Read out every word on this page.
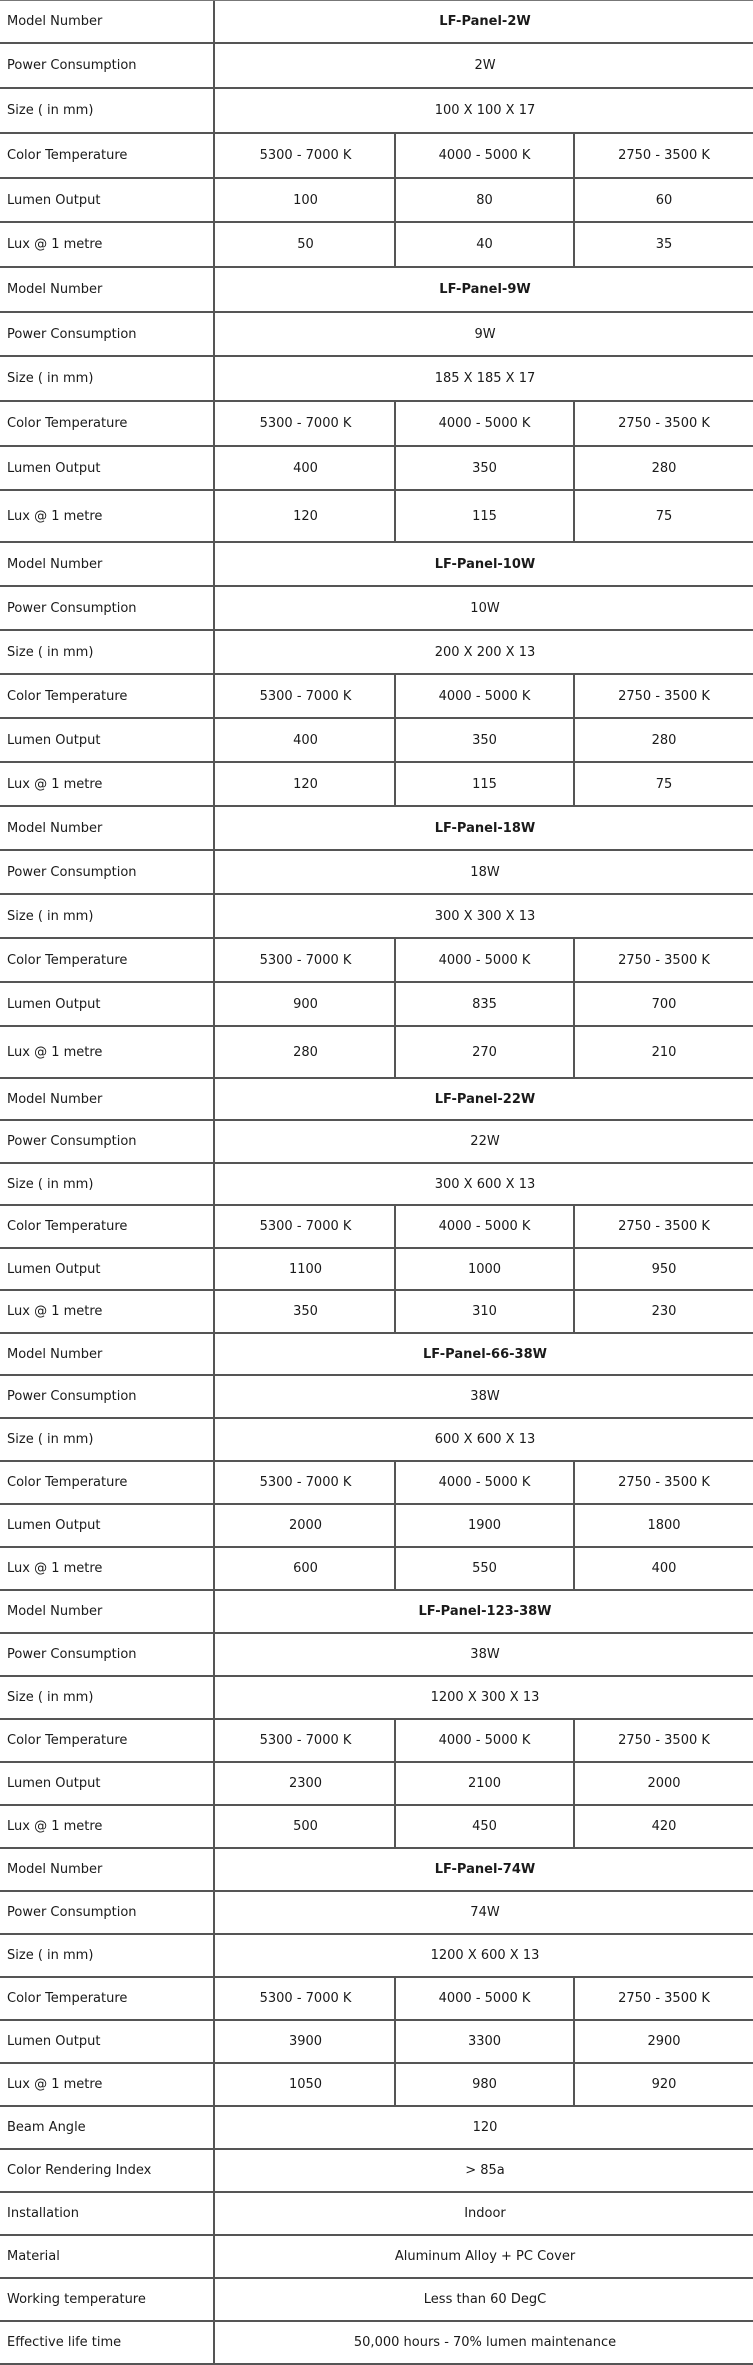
Model Number	LF-Panel-2W
Power Consumption	2W
Size ( in mm)	100 X 100 X 17
Color Temperature	5300 - 7000 K	4000 - 5000 K	2750 - 3500 K
Lumen Output	100	80	60
Lux @ 1 metre	50	40	35
Model Number	LF-Panel-9W
Power Consumption	9W
Size ( in mm)	185 X 185 X 17
Color Temperature	5300 - 7000 K	4000 - 5000 K	2750 - 3500 K
Lumen Output	400	350	280
Lux @ 1 metre	120	115	75
Model Number	LF-Panel-10W
Power Consumption	10W
Size ( in mm)	200 X 200 X 13
Color Temperature	5300 - 7000 K	4000 - 5000 K	2750 - 3500 K
Lumen Output	400	350	280
Lux @ 1 metre	120	115	75
Model Number	LF-Panel-18W
Power Consumption	18W
Size ( in mm)	300 X 300 X 13
Color Temperature	5300 - 7000 K	4000 - 5000 K	2750 - 3500 K
Lumen Output	900	835	700
Lux @ 1 metre	280	270	210
Model Number	LF-Panel-22W
Power Consumption	22W
Size ( in mm)	300 X 600 X 13
Color Temperature	5300 - 7000 K	4000 - 5000 K	2750 - 3500 K
Lumen Output	1100	1000	950
Lux @ 1 metre	350	310	230
Model Number	LF-Panel-66-38W
Power Consumption	38W
Size ( in mm)	600 X 600 X 13
Color Temperature	5300 - 7000 K	4000 - 5000 K	2750 - 3500 K
Lumen Output	2000	1900	1800
Lux @ 1 metre	600	550	400
Model Number	LF-Panel-123-38W
Power Consumption	38W
Size ( in mm)	1200 X 300 X 13
Color Temperature	5300 - 7000 K	4000 - 5000 K	2750 - 3500 K
Lumen Output	2300	2100	2000
Lux @ 1 metre	500	450	420
Model Number	LF-Panel-74W
Power Consumption	74W
Size ( in mm)	1200 X 600 X 13
Color Temperature	5300 - 7000 K	4000 - 5000 K	2750 - 3500 K
Lumen Output	3900	3300	2900
Lux @ 1 metre	1050	980	920
Beam Angle	120
Color Rendering Index	> 85a
Installation	Indoor
Material	Aluminum Alloy + PC Cover
Working temperature	Less than 60 DegC
Effective life time	50,000 hours - 70% lumen maintenance
